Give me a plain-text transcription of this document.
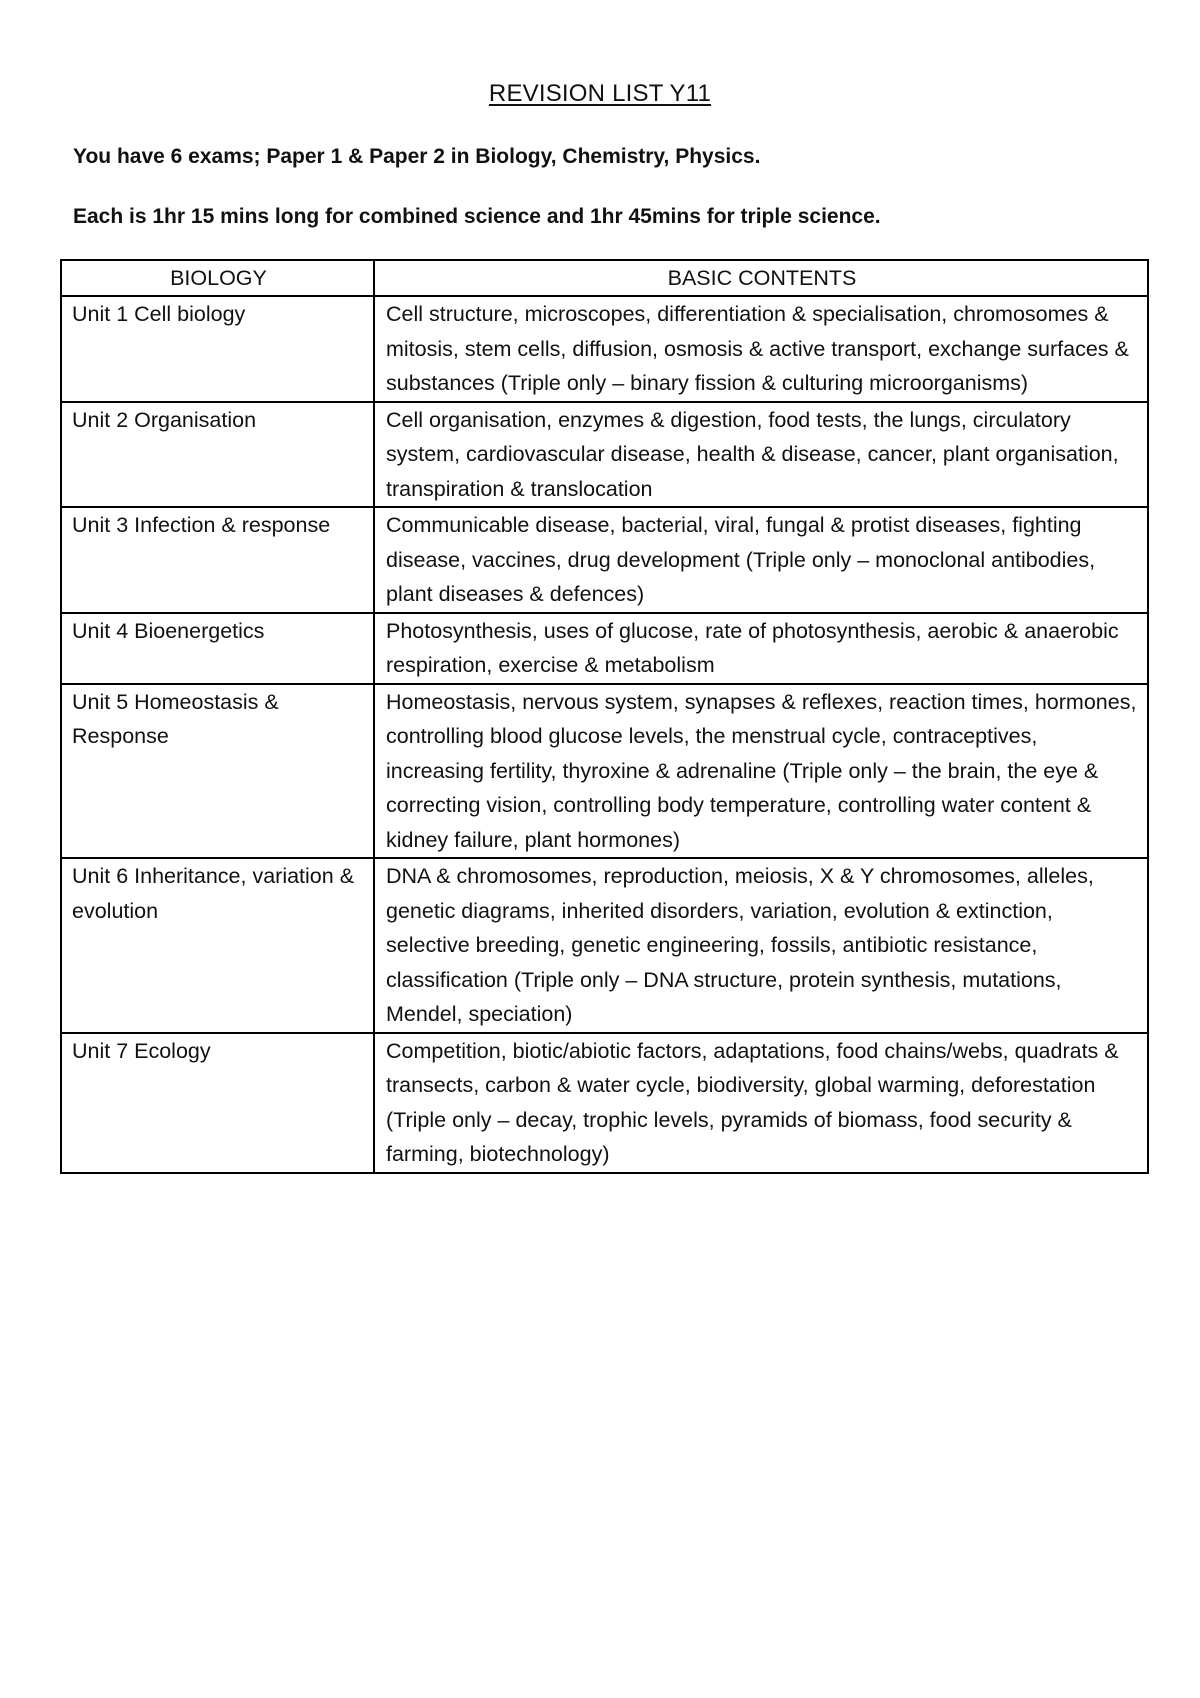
REVISION LIST Y11
You have 6 exams; Paper 1 & Paper 2 in Biology, Chemistry, Physics.
Each is 1hr 15 mins long for combined science and 1hr 45mins for triple science.
BIOLOGY	BASIC CONTENTS
Unit 1 Cell biology	Cell structure, microscopes, differentiation & specialisation, chromosomes & mitosis, stem cells, diffusion, osmosis & active transport, exchange surfaces & substances (Triple only – binary fission & culturing microorganisms)
Unit 2 Organisation	Cell organisation, enzymes & digestion, food tests, the lungs, circulatory system, cardiovascular disease, health & disease, cancer, plant organisation, transpiration & translocation
Unit 3 Infection & response	Communicable disease, bacterial, viral, fungal & protist diseases, fighting disease, vaccines, drug development (Triple only – monoclonal antibodies, plant diseases & defences)
Unit 4 Bioenergetics	Photosynthesis, uses of glucose, rate of photosynthesis, aerobic & anaerobic respiration, exercise & metabolism
Unit 5 Homeostasis & Response	Homeostasis, nervous system, synapses & reflexes, reaction times, hormones, controlling blood glucose levels, the menstrual cycle, contraceptives, increasing fertility, thyroxine & adrenaline (Triple only – the brain, the eye & correcting vision, controlling body temperature, controlling water content & kidney failure, plant hormones)
Unit 6 Inheritance, variation & evolution	DNA & chromosomes, reproduction, meiosis, X & Y chromosomes, alleles, genetic diagrams, inherited disorders, variation, evolution & extinction, selective breeding, genetic engineering, fossils, antibiotic resistance, classification (Triple only – DNA structure, protein synthesis, mutations, Mendel, speciation)
Unit 7 Ecology	Competition, biotic/abiotic factors, adaptations, food chains/webs, quadrats & transects, carbon & water cycle, biodiversity, global warming, deforestation (Triple only – decay, trophic levels, pyramids of biomass, food security & farming, biotechnology)
